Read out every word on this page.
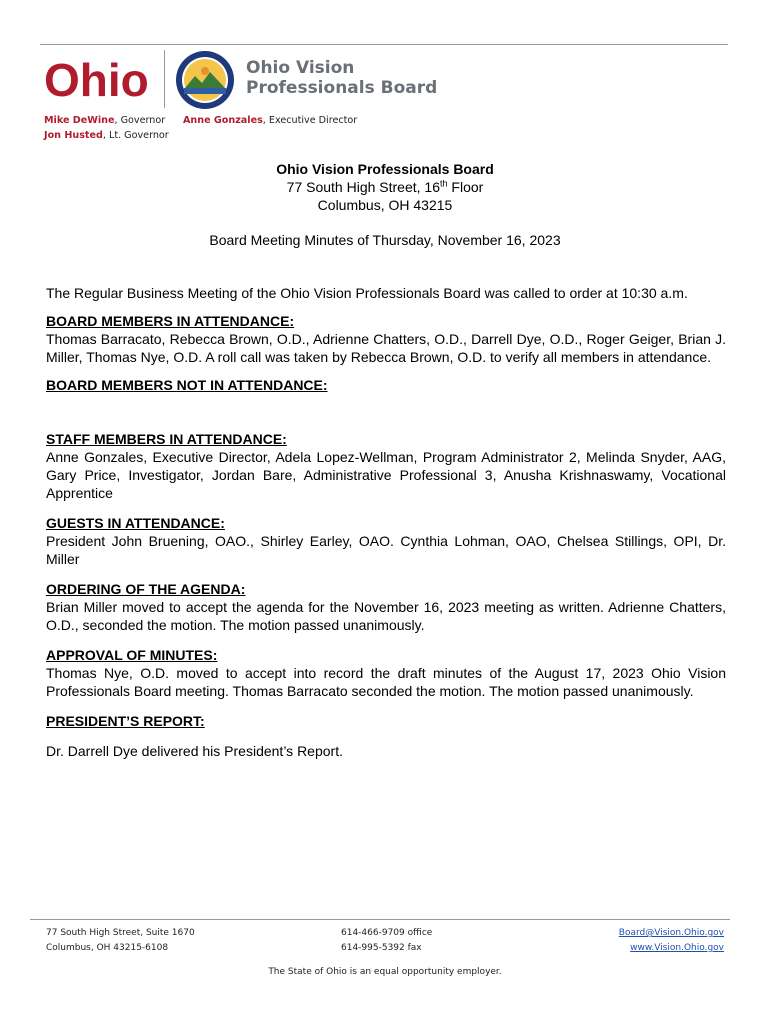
Ohio	Ohio Vision
Professionals Board
Mike DeWine, Governor
Jon Husted, Lt. Governor
Anne Gonzales, Executive Director
Ohio Vision Professionals Board
77 South High Street, 16th Floor
Columbus, OH 43215
Board Meeting Minutes of Thursday, November 16, 2023

The Regular Business Meeting of the Ohio Vision Professionals Board was called to order at 10:30 a.m.

BOARD MEMBERS IN ATTENDANCE:

Thomas Barracato, Rebecca Brown, O.D., Adrienne Chatters, O.D., Darrell Dye, O.D., Roger Geiger, Brian J. Miller, Thomas Nye, O.D. A roll call was taken by Rebecca Brown, O.D. to verify all members in attendance.

BOARD MEMBERS NOT IN ATTENDANCE:

STAFF MEMBERS IN ATTENDANCE:

Anne Gonzales, Executive Director, Adela Lopez-Wellman, Program Administrator 2, Melinda Snyder, AAG, Gary Price, Investigator, Jordan Bare, Administrative Professional 3, Anusha Krishnaswamy, Vocational Apprentice

GUESTS IN ATTENDANCE:

President John Bruening, OAO., Shirley Earley, OAO. Cynthia Lohman, OAO, Chelsea Stillings, OPI, Dr. Miller

ORDERING OF THE AGENDA:

Brian Miller moved to accept the agenda for the November 16, 2023 meeting as written. Adrienne Chatters, O.D., seconded the motion. The motion passed unanimously.

APPROVAL OF MINUTES:

Thomas Nye, O.D. moved to accept into record the draft minutes of the August 17, 2023 Ohio Vision Professionals Board meeting. Thomas Barracato seconded the motion. The motion passed unanimously.

PRESIDENT’S REPORT:

Dr. Darrell Dye delivered his President’s Report.

77 South High Street, Suite 1670
Columbus, OH 43215-6108
614-466-9709 office
614-995-5392 fax
Board@Vision.Ohio.gov
www.Vision.Ohio.gov
The State of Ohio is an equal opportunity employer.
